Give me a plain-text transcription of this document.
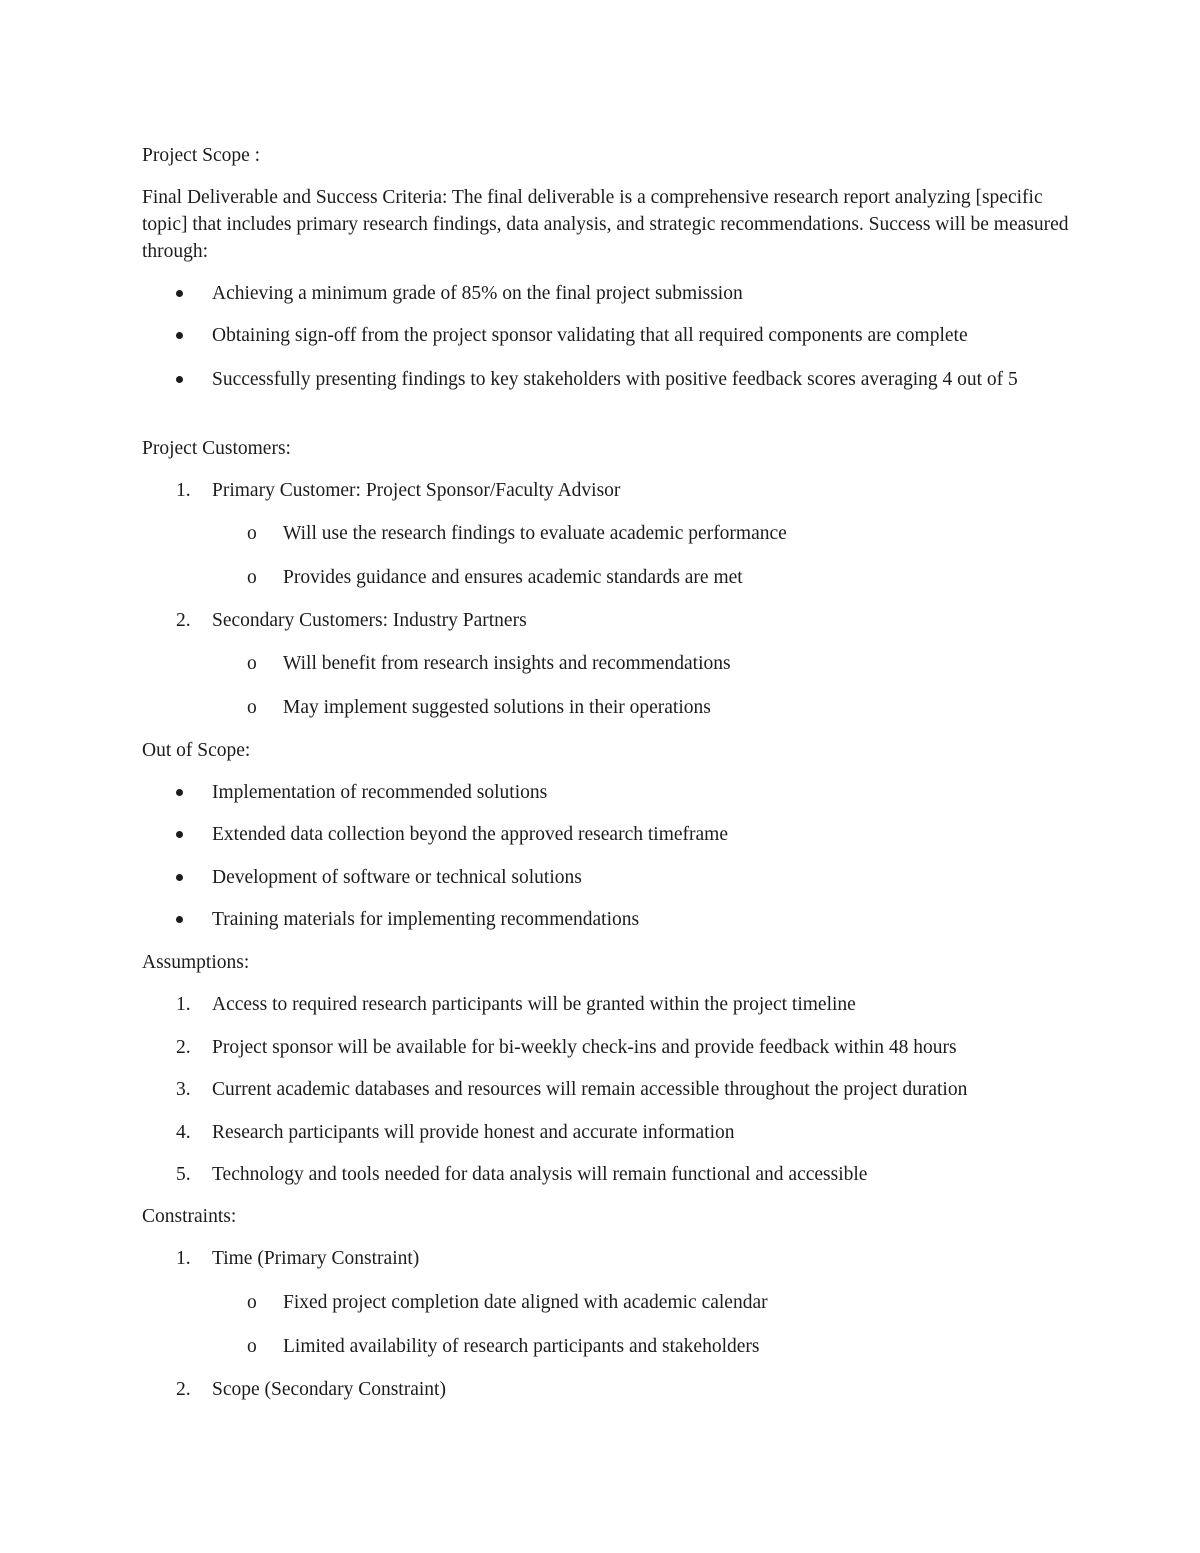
Project Scope :
Final Deliverable and Success Criteria: The final deliverable is a comprehensive research report analyzing [specific topic] that includes primary research findings, data analysis, and strategic recommendations. Success will be measured through:
Achieving a minimum grade of 85% on the final project submission
Obtaining sign-off from the project sponsor validating that all required components are complete
Successfully presenting findings to key stakeholders with positive feedback scores averaging 4 out of 5
Project Customers:
1. Primary Customer: Project Sponsor/Faculty Advisor
o Will use the research findings to evaluate academic performance
o Provides guidance and ensures academic standards are met
2. Secondary Customers: Industry Partners
o Will benefit from research insights and recommendations
o May implement suggested solutions in their operations
Out of Scope:
Implementation of recommended solutions
Extended data collection beyond the approved research timeframe
Development of software or technical solutions
Training materials for implementing recommendations
Assumptions:
1. Access to required research participants will be granted within the project timeline
2. Project sponsor will be available for bi-weekly check-ins and provide feedback within 48 hours
3. Current academic databases and resources will remain accessible throughout the project duration
4. Research participants will provide honest and accurate information
5. Technology and tools needed for data analysis will remain functional and accessible
Constraints:
1. Time (Primary Constraint)
o Fixed project completion date aligned with academic calendar
o Limited availability of research participants and stakeholders
2. Scope (Secondary Constraint)
